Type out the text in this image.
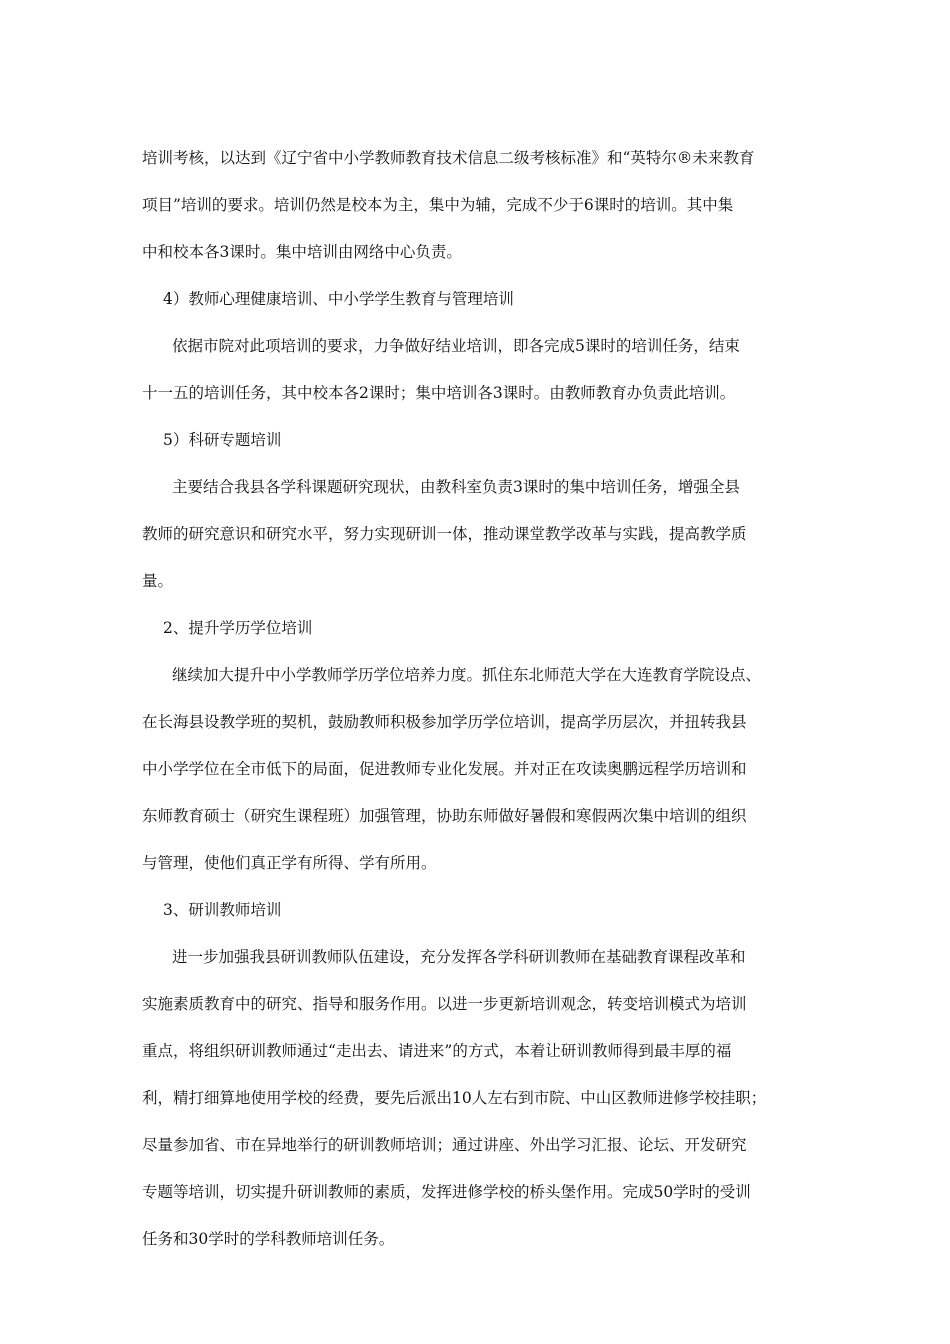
培训考核，以达到《辽宁省中小学教师教育技术信息二级考核标准》和“英特尔®未来教育

项目”培训的要求。培训仍然是校本为主，集中为辅，完成不少于6课时的培训。其中集

中和校本各3课时。集中培训由网络中心负责。

4）教师心理健康培训、中小学学生教育与管理培训

依据市院对此项培训的要求，力争做好结业培训，即各完成5课时的培训任务，结束

十一五的培训任务，其中校本各2课时；集中培训各3课时。由教师教育办负责此培训。

5）科研专题培训

主要结合我县各学科课题研究现状，由教科室负责3课时的集中培训任务，增强全县

教师的研究意识和研究水平，努力实现研训一体，推动课堂教学改革与实践，提高教学质

量。

2、提升学历学位培训

继续加大提升中小学教师学历学位培养力度。抓住东北师范大学在大连教育学院设点、

在长海县设教学班的契机，鼓励教师积极参加学历学位培训，提高学历层次，并扭转我县

中小学学位在全市低下的局面，促进教师专业化发展。并对正在攻读奥鹏远程学历培训和

东师教育硕士（研究生课程班）加强管理，协助东师做好暑假和寒假两次集中培训的组织

与管理，使他们真正学有所得、学有所用。

3、研训教师培训

进一步加强我县研训教师队伍建设，充分发挥各学科研训教师在基础教育课程改革和

实施素质教育中的研究、指导和服务作用。以进一步更新培训观念，转变培训模式为培训

重点，将组织研训教师通过“走出去、请进来”的方式，本着让研训教师得到最丰厚的福

利，精打细算地使用学校的经费，要先后派出10人左右到市院、中山区教师进修学校挂职；

尽量参加省、市在异地举行的研训教师培训；通过讲座、外出学习汇报、论坛、开发研究

专题等培训，切实提升研训教师的素质，发挥进修学校的桥头堡作用。完成50学时的受训

任务和30学时的学科教师培训任务。
